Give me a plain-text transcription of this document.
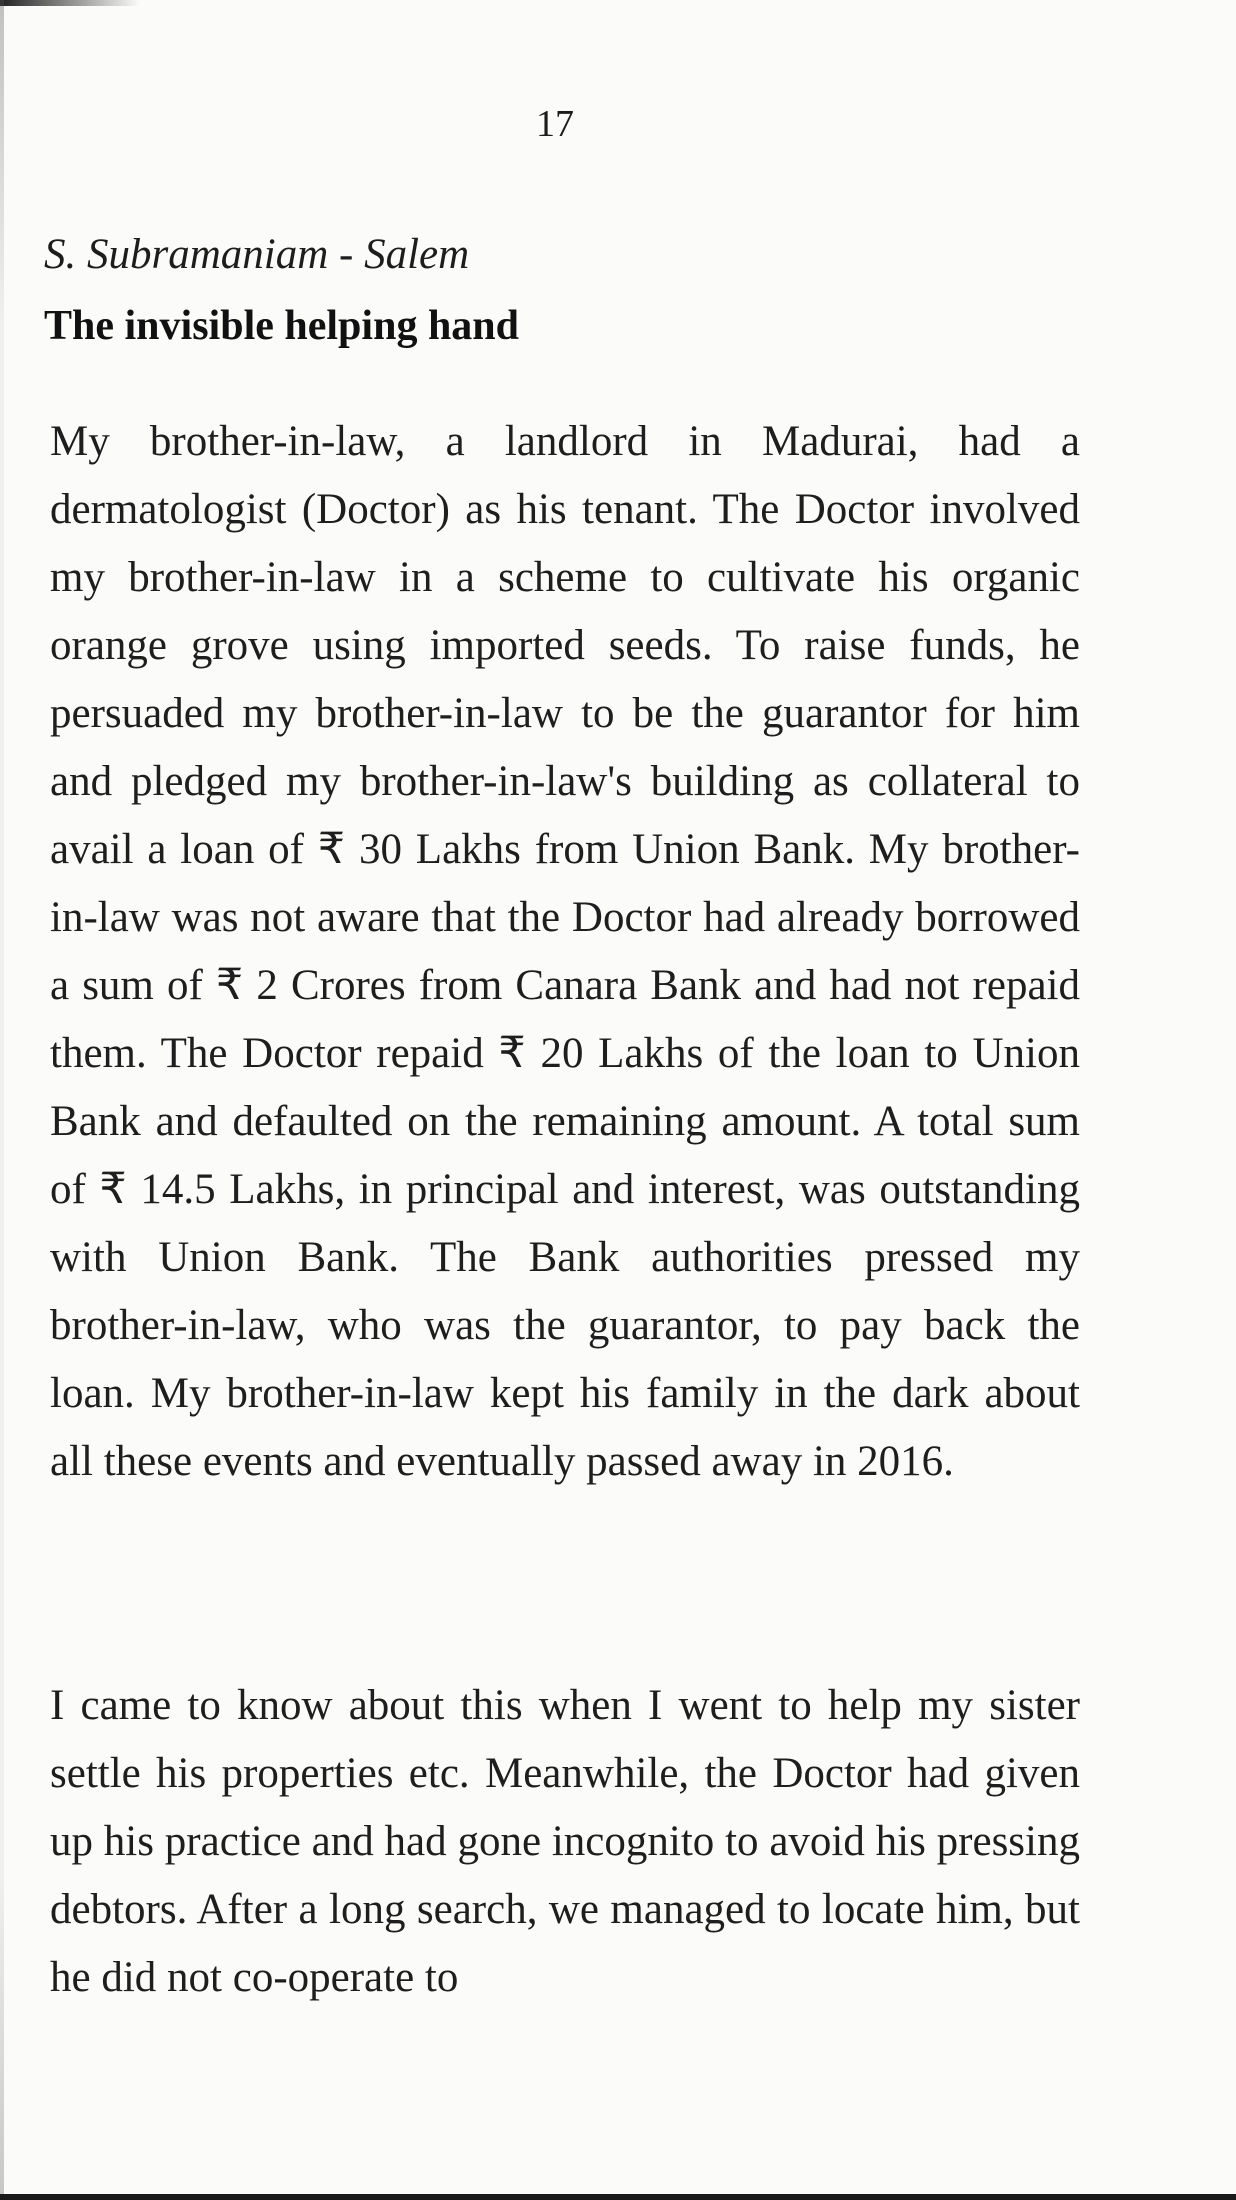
17
S. Subramaniam - Salem
The invisible helping hand

My brother-in-law, a landlord in Madurai, had a dermatologist (Doctor) as his tenant. The Doctor involved my brother-in-law in a scheme to cultivate his organic orange grove using imported seeds. To raise funds, he persuaded my brother-in-law to be the guarantor for him and pledged my brother-in-law's building as collateral to avail a loan of ₹ 30 Lakhs from Union Bank. My brother-in-law was not aware that the Doctor had already borrowed a sum of ₹ 2 Crores from Canara Bank and had not repaid them. The Doctor repaid ₹ 20 Lakhs of the loan to Union Bank and defaulted on the remaining amount. A total sum of ₹ 14.5 Lakhs, in principal and interest, was outstanding with Union Bank. The Bank authorities pressed my brother-in-law, who was the guarantor, to pay back the loan. My brother-in-law kept his family in the dark about all these events and eventually passed away in 2016.

I came to know about this when I went to help my sister settle his properties etc. Meanwhile, the Doctor had given up his practice and had gone incognito to avoid his pressing debtors. After a long search, we managed to locate him, but he did not co-operate to
